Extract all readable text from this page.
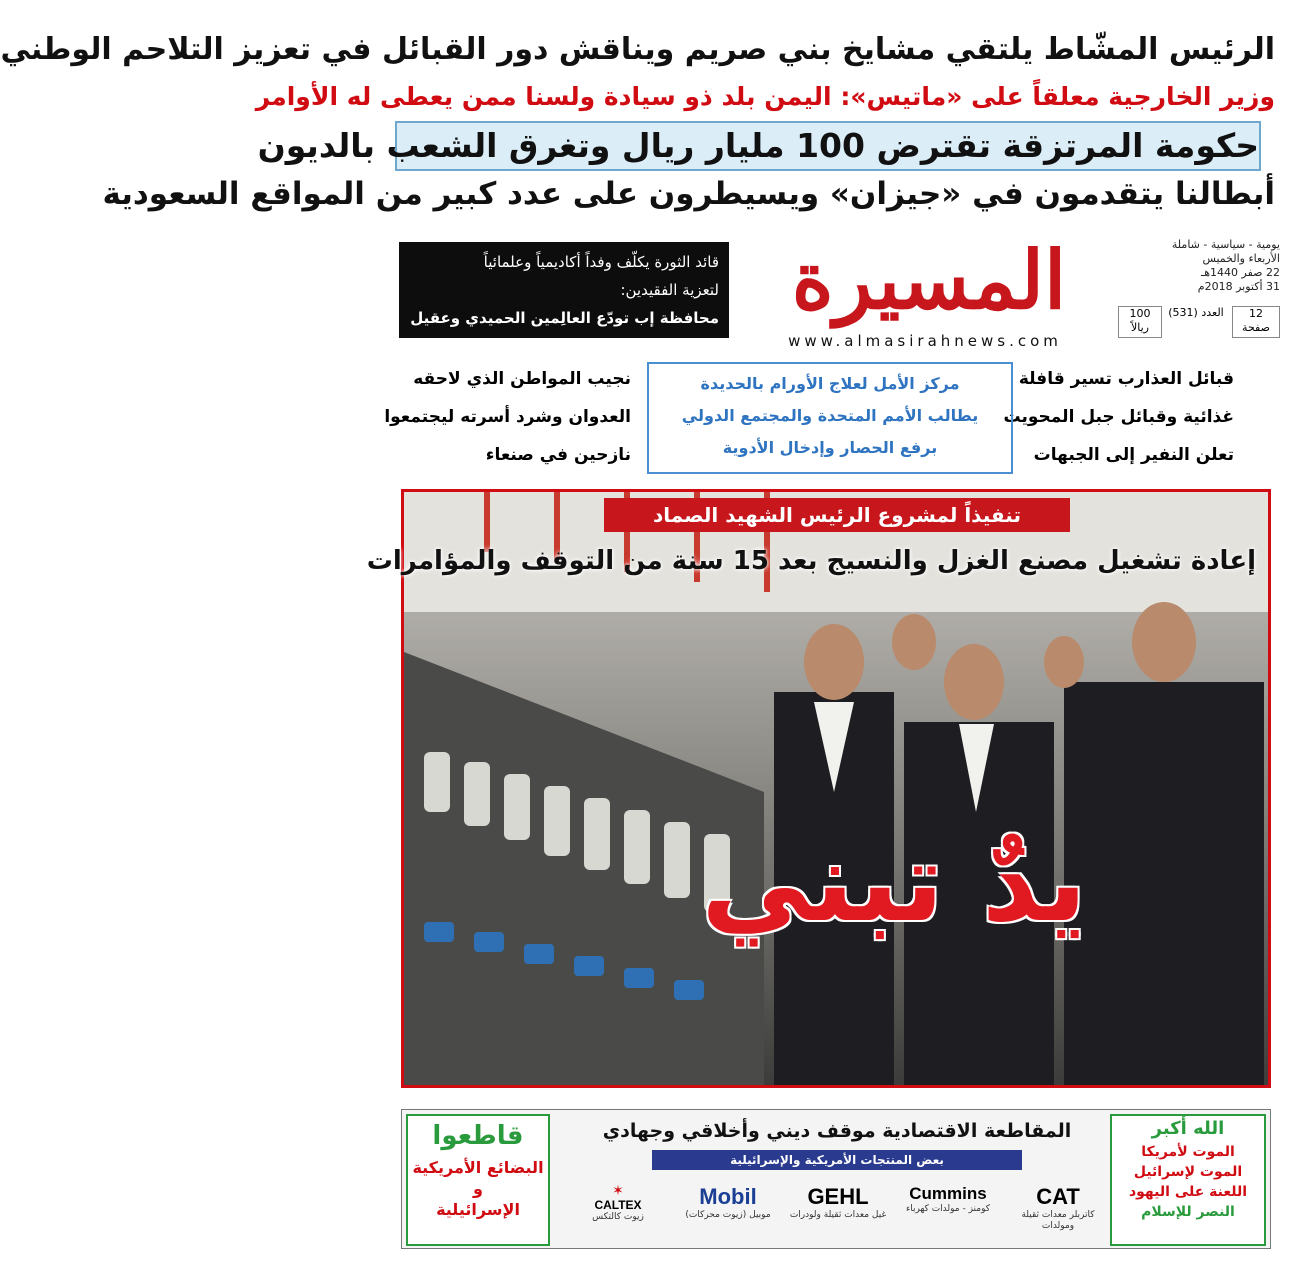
الرئيس المشّاط يلتقي مشايخ بني صريم ويناقش دور القبائل في تعزيز التلاحم الوطني
وزير الخارجية معلقاً على «ماتيس»: اليمن بلد ذو سيادة ولسنا ممن يعطى له الأوامر
حكومة المرتزقة تقترض 100 مليار ريال وتغرق الشعب بالديون
أبطالنا يتقدمون في «جيزان» ويسيطرون على عدد كبير من المواقع السعودية
يومية - سياسية - شاملة
الأربعاء والخميس
22 صفر 1440هـ
31 أكتوبر 2018م
12
صفحة
العدد (531)
100
ريالاً
المسيرة
www.almasirahnews.com
قائد الثورة يكلّف وفداً أكاديمياً وعلمائياً
لتعزية الفقيدين:
محافظة إب تودّع العالِمين الحميدي وعقيل
قبائل العذارب تسير قافلة
غذائية وقبائل جبل المحويت
تعلن النفير إلى الجبهات
نجيب المواطن الذي لاحقه
العدوان وشرد أسرته ليجتمعوا
نازحين في صنعاء
مركز الأمل لعلاج الأورام بالحديدة
يطالب الأمم المتحدة والمجتمع الدولي
برفع الحصار وإدخال الأدوية
تنفيذاً لمشروع الرئيس الشهيد الصماد
إعادة تشغيل مصنع الغزل والنسيج بعد 15 سنة من التوقف والمؤامرات
يدٌ تبني
الله أكبر
الموت لأمريكا
الموت لإسرائيل
اللعنة على اليهود
النصر للإسلام
المقاطعة الاقتصادية موقف ديني وأخلاقي وجهادي
بعض المنتجات الأمريكية والإسرائيلية
CAT
كاتربلر معدات ثقيلة ومولدات
Cummins
كومنز - مولدات كهرباء
GEHL
غيل معدات ثقيلة ولودرات
Mobil
موبيل (زيوت محركات)
✶
CALTEX
زيوت كالتكس
قاطعوا
البضائع الأمريكية
و
الإسرائيلية
